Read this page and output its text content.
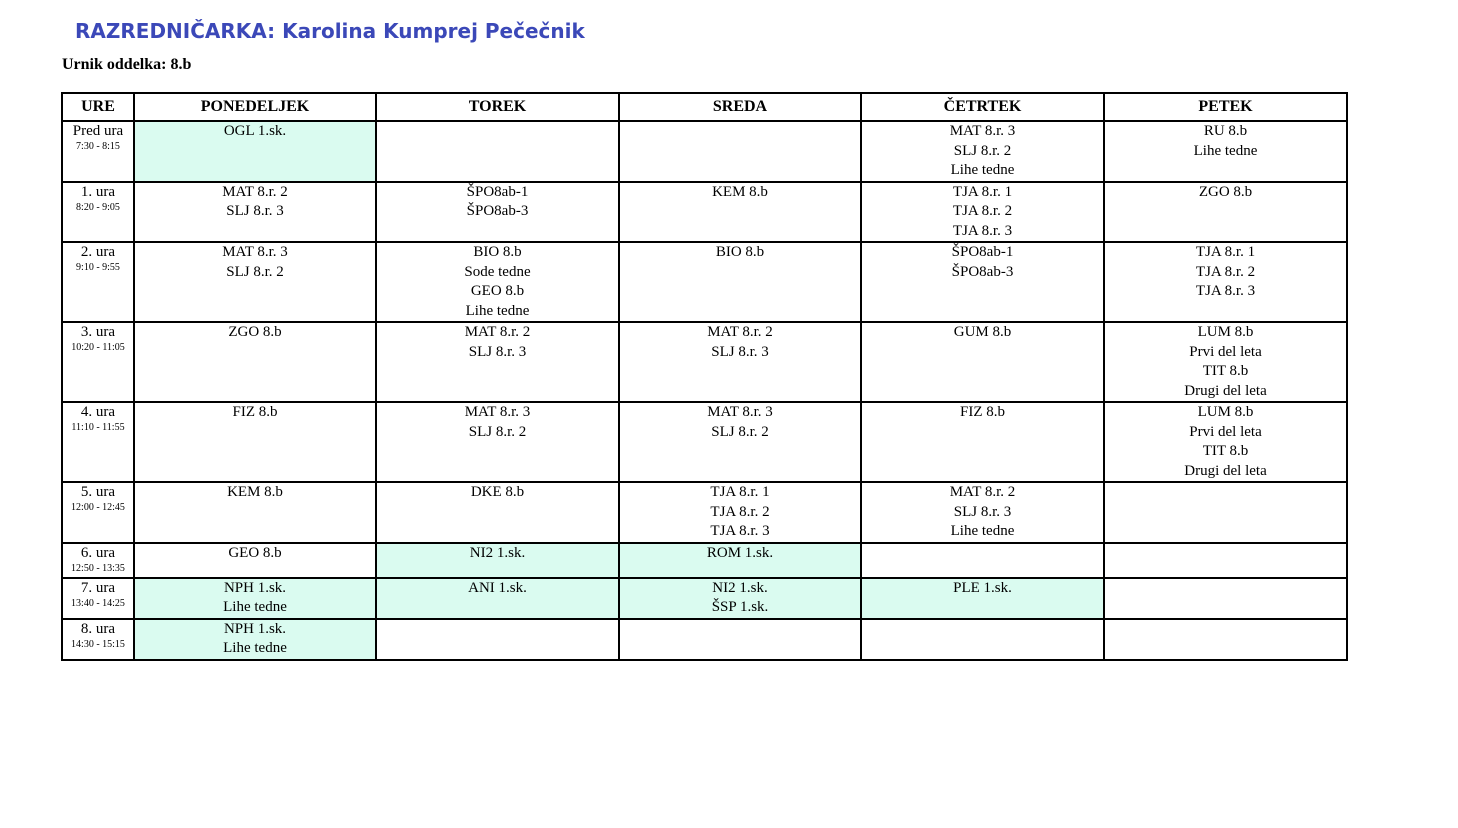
RAZREDNIČARKA: Karolina Kumprej Pečečnik
Urnik oddelka: 8.b
URE	PONEDELJEK	TOREK	SREDA	ČETRTEK	PETEK

Pred ura
7:30 - 8:15	OGL 1.sk.			MAT 8.r. 3
SLJ 8.r. 2
Lihe tedne	RU 8.b
Lihe tedne

1. ura
8:20 - 9:05	MAT 8.r. 2
SLJ 8.r. 3	ŠPO8ab-1
ŠPO8ab-3	KEM 8.b	TJA 8.r. 1
TJA 8.r. 2
TJA 8.r. 3	ZGO 8.b

2. ura
9:10 - 9:55	MAT 8.r. 3
SLJ 8.r. 2	BIO 8.b
Sode tedne
GEO 8.b
Lihe tedne	BIO 8.b	ŠPO8ab-1
ŠPO8ab-3	TJA 8.r. 1
TJA 8.r. 2
TJA 8.r. 3

3. ura
10:20 - 11:05	ZGO 8.b	MAT 8.r. 2
SLJ 8.r. 3	MAT 8.r. 2
SLJ 8.r. 3	GUM 8.b	LUM 8.b
Prvi del leta
TIT 8.b
Drugi del leta

4. ura
11:10 - 11:55	FIZ 8.b	MAT 8.r. 3
SLJ 8.r. 2	MAT 8.r. 3
SLJ 8.r. 2	FIZ 8.b	LUM 8.b
Prvi del leta
TIT 8.b
Drugi del leta

5. ura
12:00 - 12:45	KEM 8.b	DKE 8.b	TJA 8.r. 1
TJA 8.r. 2
TJA 8.r. 3	MAT 8.r. 2
SLJ 8.r. 3
Lihe tedne	

6. ura
12:50 - 13:35	GEO 8.b	NI2 1.sk.	ROM 1.sk.		

7. ura
13:40 - 14:25	NPH 1.sk.
Lihe tedne	ANI 1.sk.	NI2 1.sk.
ŠSP 1.sk.	PLE 1.sk.	

8. ura
14:30 - 15:15	NPH 1.sk.
Lihe tedne				
